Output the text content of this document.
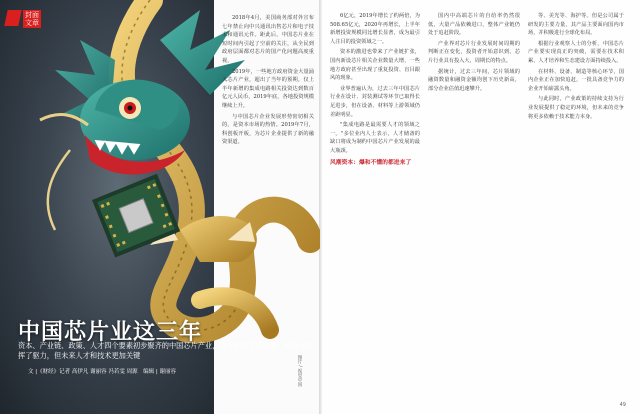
封面文章
中国芯片业这三年
资本、产业链、政策、人才四个要素初步聚齐的中国芯片产业，资本显得尤其激进，也充分发挥了驱力，但未来人才和技术更加关键
文 |《财经》记者 高伊凡 谢丽容 冯若雯 周源　编辑 | 谢丽容

2018年4月，美国商务部对外宣布七年禁止向中兴通讯出售芯片和电子技术和通讯元件。距此后，中国芯片业在短时间内引起了空前的关注，从全民到政府层面都对芯片的国产化问题高度重视。

2019年，一些地方政府资金大量涌入芯片产业，超出了当年的预期，仅上半年新增的集成电路相关投资达到数百亿元人民币，2019年底，各地投资规模继续上升。

与中国芯片企业发展形势密切相关的，是资本市场的热情。2019年7月，科创板开板，为芯片企业提供了新的融资渠道。

图片 / 视觉中国

6亿元，2019年增长了约两倍，为508.65亿元，2020年再增长，上半年新增投资规模同比增长显著，成为最引人注目的投资领域之一。

资本的激进也带来了产业链扩张，国内新设芯片相关企业数量大增，一些地方政府甚至出现了重复投资、盲目跟风的现象。

业界普遍认为，过去三年中国芯片行业在设计、封装测试等环节已取得长足进步，但在设备、材料等上游领域仍差距明显。

"集成电路是最需要人才的领域之一。"多位业内人士表示，人才储备的缺口将成为制约中国芯片产业发展的最大瓶颈。

风潮资本：爆和不懂的都进来了

国内中高端芯片的自给率仍然很低，大量产品依赖进口，整体产业链仍处于追赶阶段。

产业界对芯片行业发展时间周期的判断正在变化，投资者开始意识到，芯片行业具有投入大、周期长的特点。

据统计，过去三年间，芯片领域的融资数量和融资金额均创下历史新高，部分企业估值迅速攀升。

等、美光等、海护等。但是公司属于研发的主要力量，其产品主要面向国内市场，并积极进行全球化布局。

根据行业观察人士的分析，中国芯片产业要实现真正的突破，需要在技术积累、人才培养和生态建设方面持续投入。

在材料、设备、制造等核心环节，国内企业正在加快追赶，一批具备竞争力的企业开始崭露头角。

与此同时，产业政策的持续支持为行业发展提供了稳定的环境，但未来的竞争将更多依赖于技术能力本身。

49
